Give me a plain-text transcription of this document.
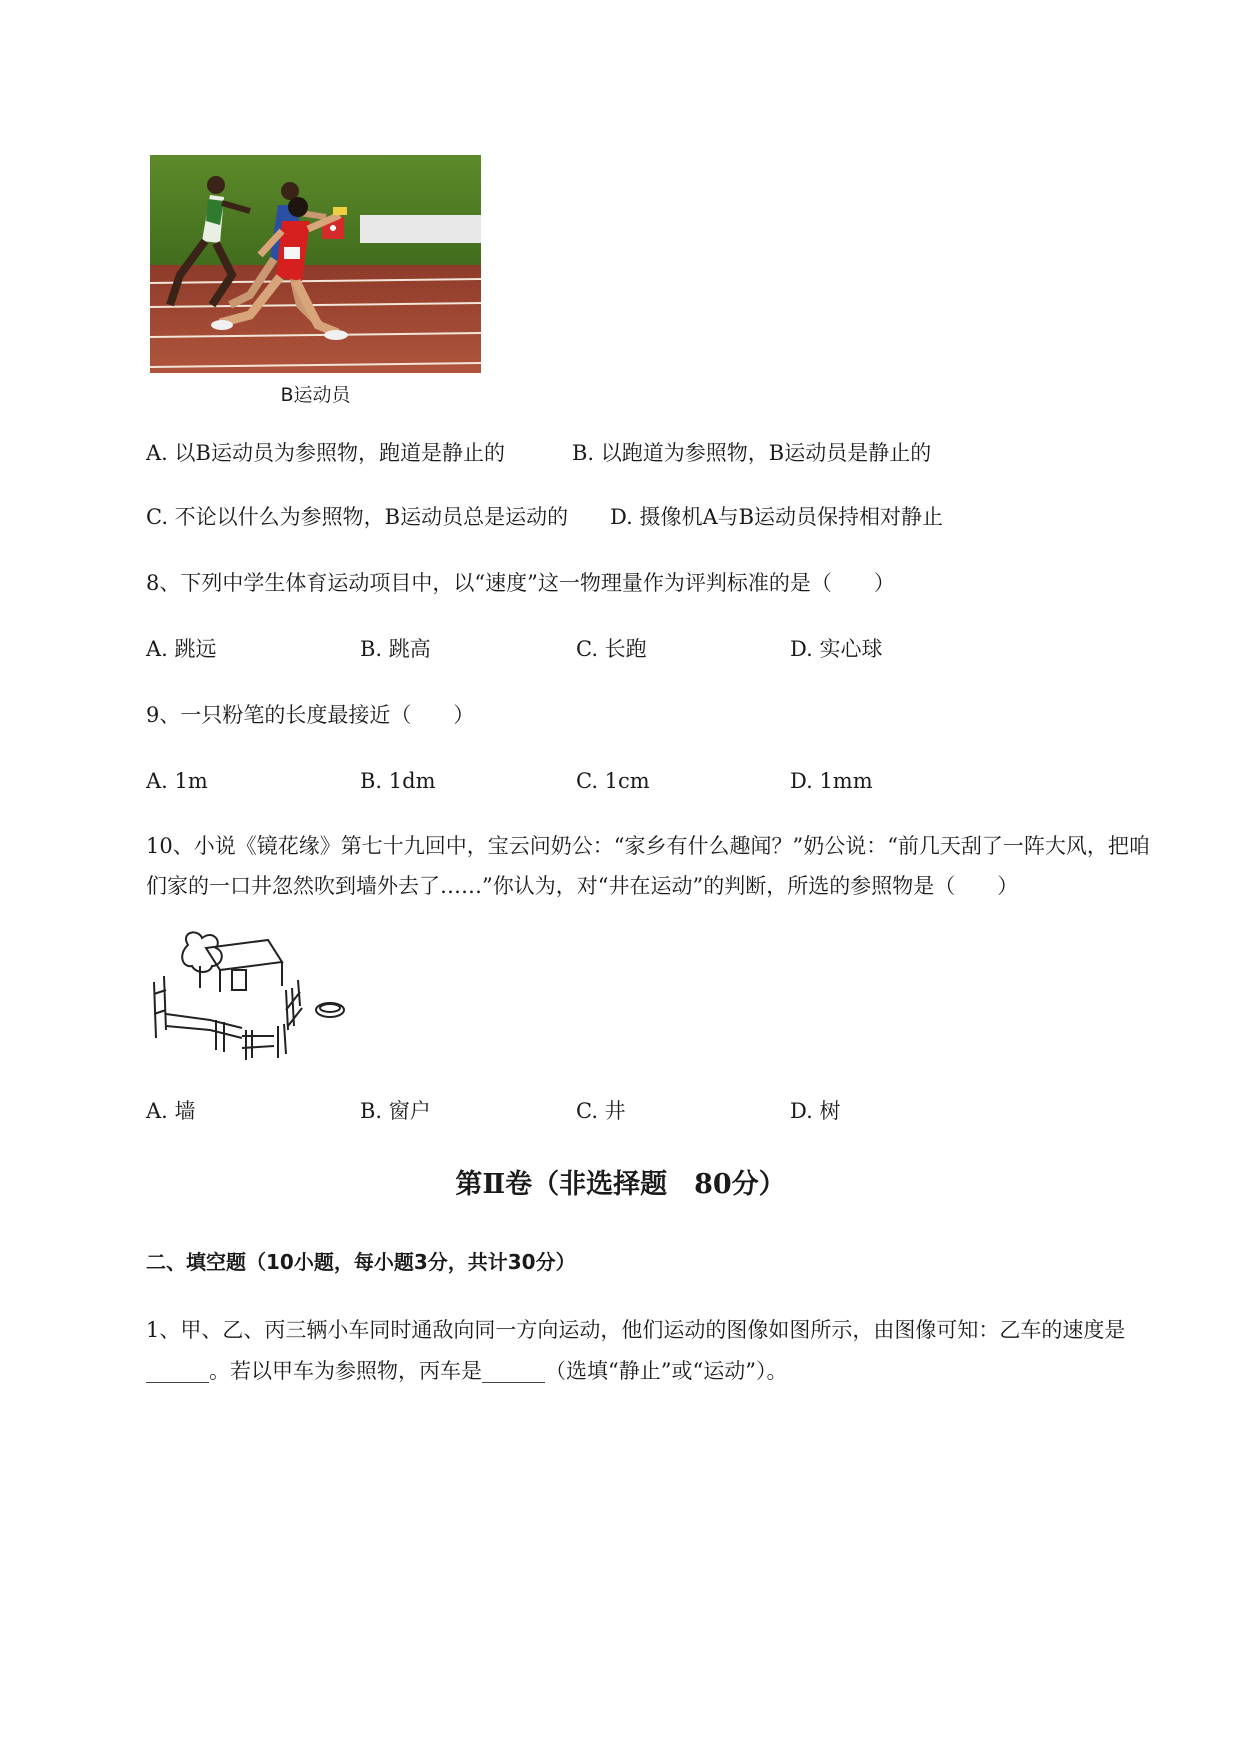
B运动员
A. 以B运动员为参照物，跑道是静止的	B. 以跑道为参照物，B运动员是静止的
C. 不论以什么为参照物，B运动员总是运动的 D. 摄像机A与B运动员保持相对静止
8、下列中学生体育运动项目中，以“速度”这一物理量作为评判标准的是（　　）
A. 跳远	B. 跳高	C. 长跑	D. 实心球
9、一只粉笔的长度最接近（　　）
A. 1m	B. 1dm	C. 1cm	D. 1mm
10、小说《镜花缘》第七十九回中，宝云问奶公：“家乡有什么趣闻？”奶公说：“前几天刮了一阵大风，把咱们家的一口井忽然吹到墙外去了……”你认为，对“井在运动”的判断，所选的参照物是（　　）
A. 墙	B. 窗户	C. 井	D. 树
第Ⅱ卷（非选择题　80分）
二、填空题（10小题，每小题3分，共计30分）
1、甲、乙、丙三辆小车同时通敌向同一方向运动，他们运动的图像如图所示，由图像可知：乙车的速度是______。若以甲车为参照物，丙车是______（选填“静止”或“运动”）。
